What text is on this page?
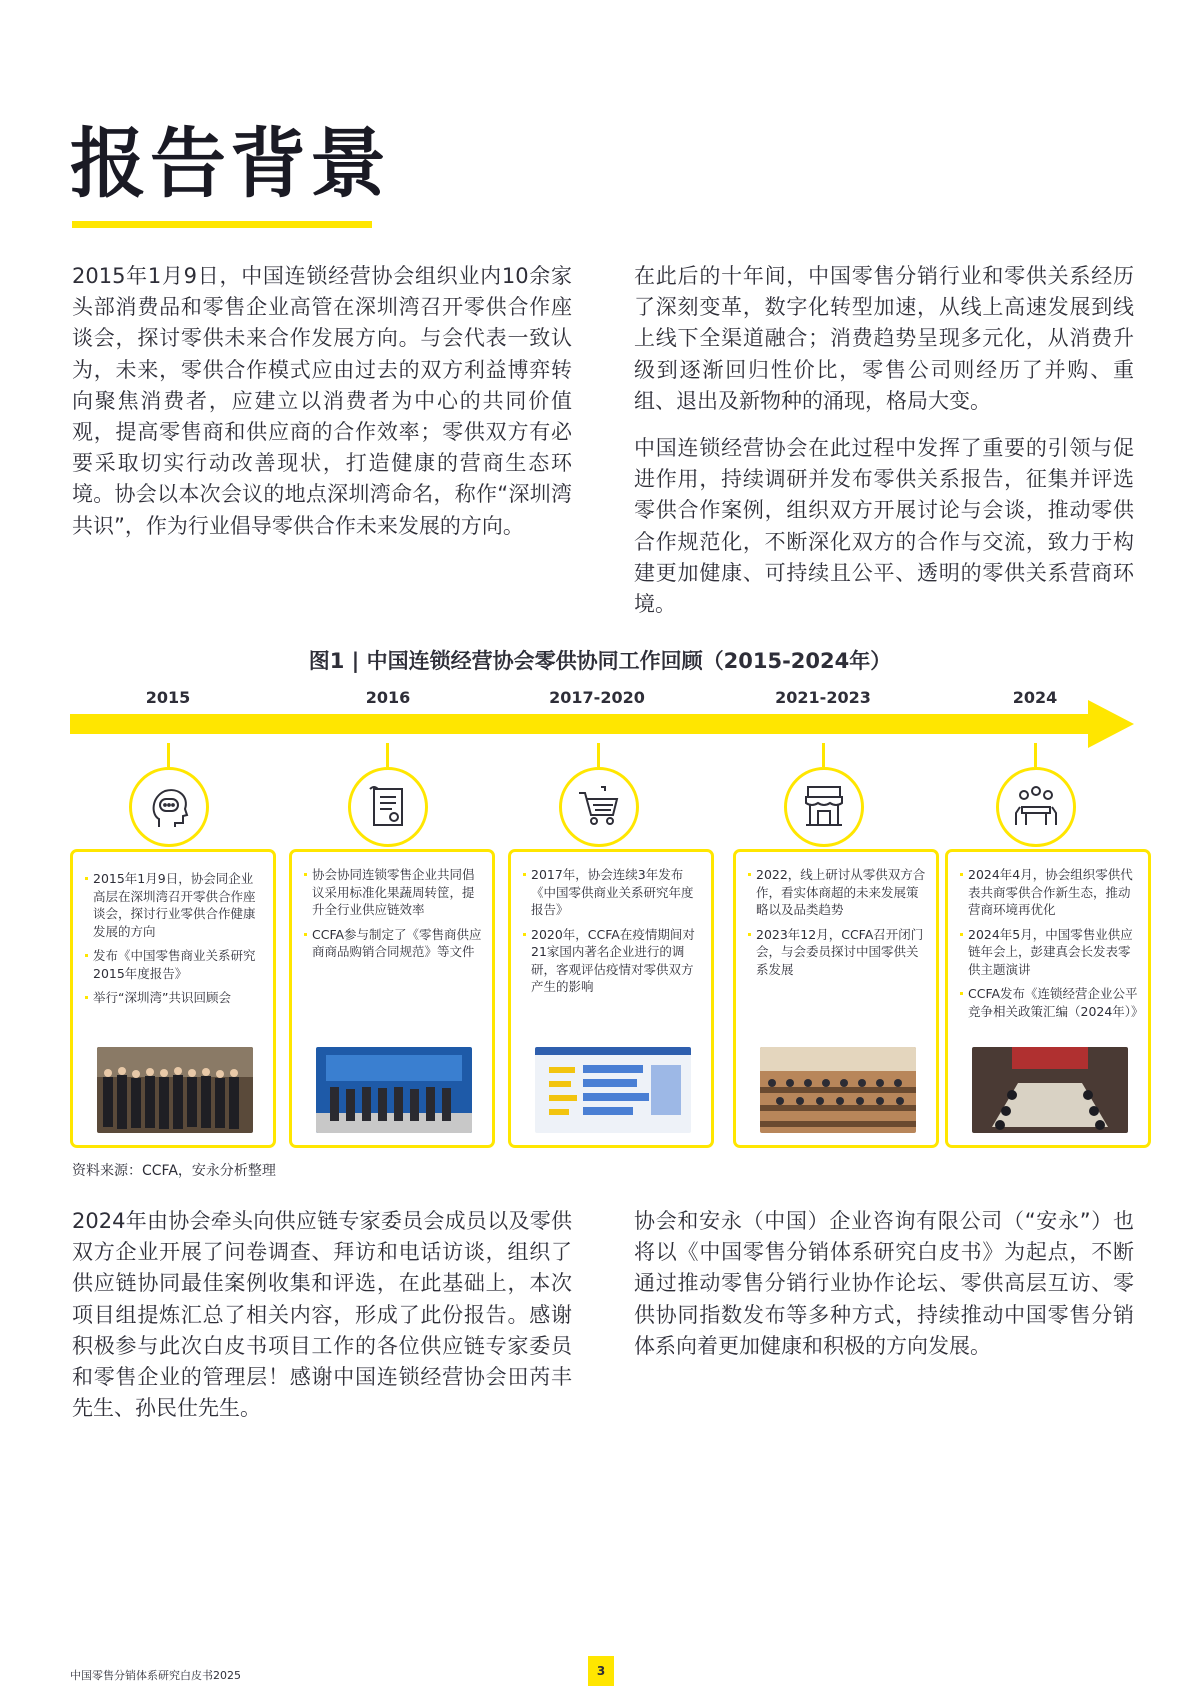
报告背景

2015年1月9日，中国连锁经营协会组织业内10余家头部消费品和零售企业高管在深圳湾召开零供合作座谈会，探讨零供未来合作发展方向。与会代表一致认为，未来，零供合作模式应由过去的双方利益博弈转向聚焦消费者，应建立以消费者为中心的共同价值观，提高零售商和供应商的合作效率；零供双方有必要采取切实行动改善现状，打造健康的营商生态环境。协会以本次会议的地点深圳湾命名，称作“深圳湾共识”，作为行业倡导零供合作未来发展的方向。

在此后的十年间，中国零售分销行业和零供关系经历了深刻变革，数字化转型加速，从线上高速发展到线上线下全渠道融合；消费趋势呈现多元化，从消费升级到逐渐回归性价比，零售公司则经历了并购、重组、退出及新物种的涌现，格局大变。

中国连锁经营协会在此过程中发挥了重要的引领与促进作用，持续调研并发布零供关系报告，征集并评选零供合作案例，组织双方开展讨论与会谈，推动零供合作规范化，不断深化双方的合作与交流，致力于构建更加健康、可持续且公平、透明的零供关系营商环境。

图1 | 中国连锁经营协会零供协同工作回顾（2015-2024年）
2015	2016	2017-2020	2021-2023	2024
2015年1月9日，协会同企业高层在深圳湾召开零供合作座谈会，探讨行业零供合作健康发展的方向
发布《中国零售商业关系研究 2015年度报告》
举行“深圳湾”共识回顾会
协会协同连锁零售企业共同倡议采用标准化果蔬周转筐，提升全行业供应链效率
CCFA参与制定了《零售商供应商商品购销合同规范》等文件
2017年，协会连续3年发布《中国零供商业关系研究年度报告》
2020年，CCFA在疫情期间对21家国内著名企业进行的调研，客观评估疫情对零供双方产生的影响
2022，线上研讨从零供双方合作，看实体商超的未来发展策略以及品类趋势
2023年12月，CCFA召开闭门会，与会委员探讨中国零供关系发展
2024年4月，协会组织零供代表共商零供合作新生态，推动营商环境再优化
2024年5月，中国零售业供应链年会上，彭建真会长发表零供主题演讲
CCFA发布《连锁经营企业公平竞争相关政策汇编（2024年）》
资料来源：CCFA，安永分析整理

2024年由协会牵头向供应链专家委员会成员以及零供双方企业开展了问卷调查、拜访和电话访谈，组织了供应链协同最佳案例收集和评选，在此基础上，本次项目组提炼汇总了相关内容，形成了此份报告。感谢积极参与此次白皮书项目工作的各位供应链专家委员和零售企业的管理层！感谢中国连锁经营协会田芮丰先生、孙民仕先生。

协会和安永（中国）企业咨询有限公司（“安永”）也将以《中国零售分销体系研究白皮书》为起点，不断通过推动零售分销行业协作论坛、零供高层互访、零供协同指数发布等多种方式，持续推动中国零售分销体系向着更加健康和积极的方向发展。

中国零售分销体系研究白皮书2025	3
